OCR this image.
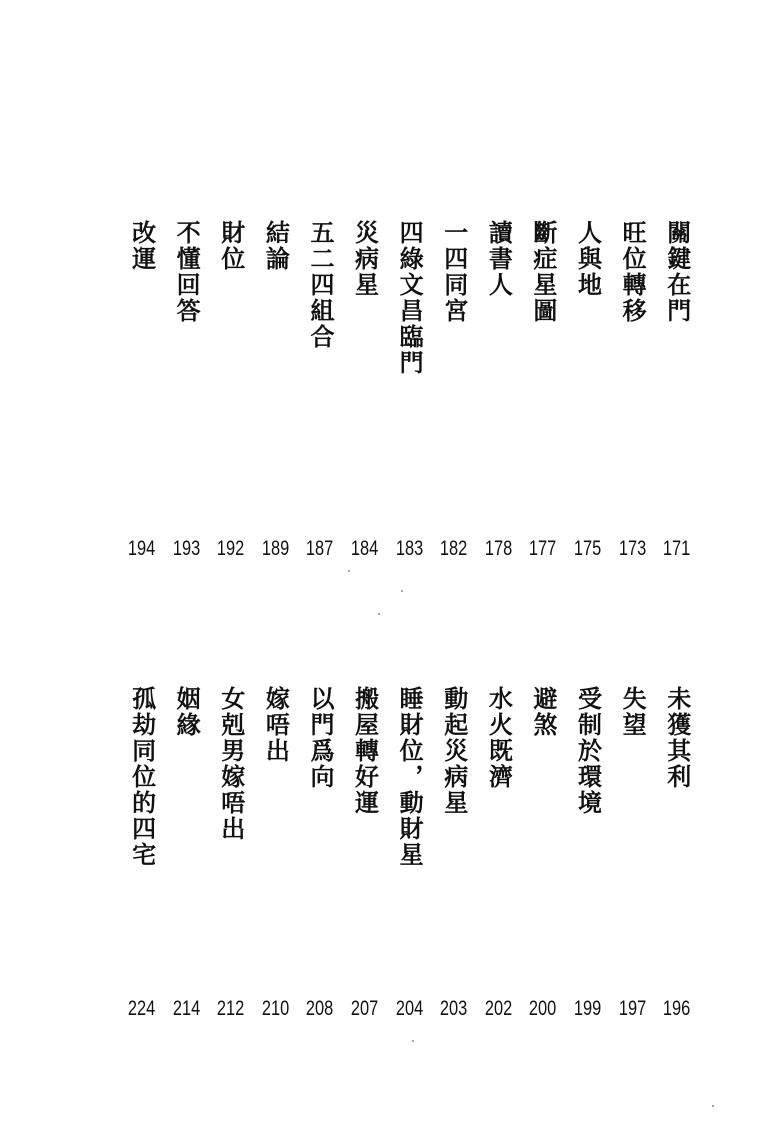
關鍵在門
旺位轉移
人與地
斷症星圖
讀書人
一四同宮
四綠文昌臨門
災病星
五二四組合
結論
財位
不懂回答
改運
171
173
175
177
178
182
183
184
187
189
192
193
194
未獲其利
失望
受制於環境
避煞
水火既濟
動起災病星
睡財位，動財星
搬屋轉好運
以門爲向
嫁唔出
女剋男嫁唔出
姻緣
孤劫同位的四宅
196
197
199
200
202
203
204
207
208
210
212
214
224
